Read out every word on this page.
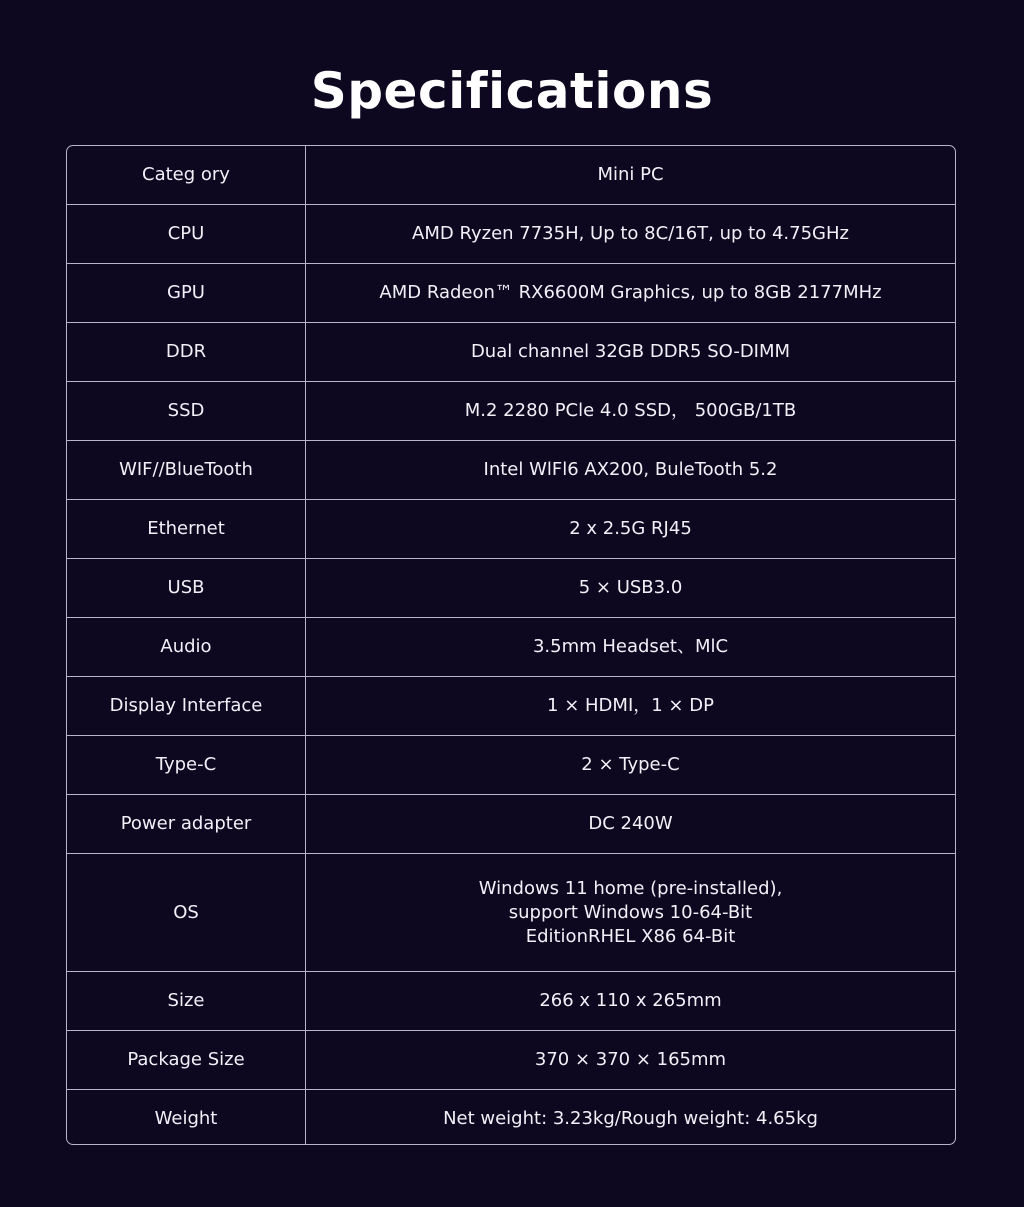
Specifications
Categ ory	Mini PC

CPU	AMD Ryzen 7735H, Up to 8C/16T, up to 4.75GHz

GPU	AMD Radeon™ RX6600M Graphics, up to 8GB 2177MHz

DDR	Dual channel 32GB DDR5 SO-DIMM

SSD	M.2 2280 PCle 4.0 SSD， 500GB/1TB

WIF//BlueTooth	Intel WlFl6 AX200, BuleTooth 5.2

Ethernet	2 x 2.5G RJ45

USB	5 × USB3.0

Audio	3.5mm Headset、MlC

Display Interface	1 × HDMI，1 × DP

Type-C	2 × Type-C

Power adapter	DC 240W

OS	Windows 11 home (pre-installed),
support Windows 10-64-Bit
EditionRHEL X86 64-Bit

Size	266 x 110 x 265mm

Package Size	370 × 370 × 165mm

Weight	Net weight: 3.23kg/Rough weight: 4.65kg
